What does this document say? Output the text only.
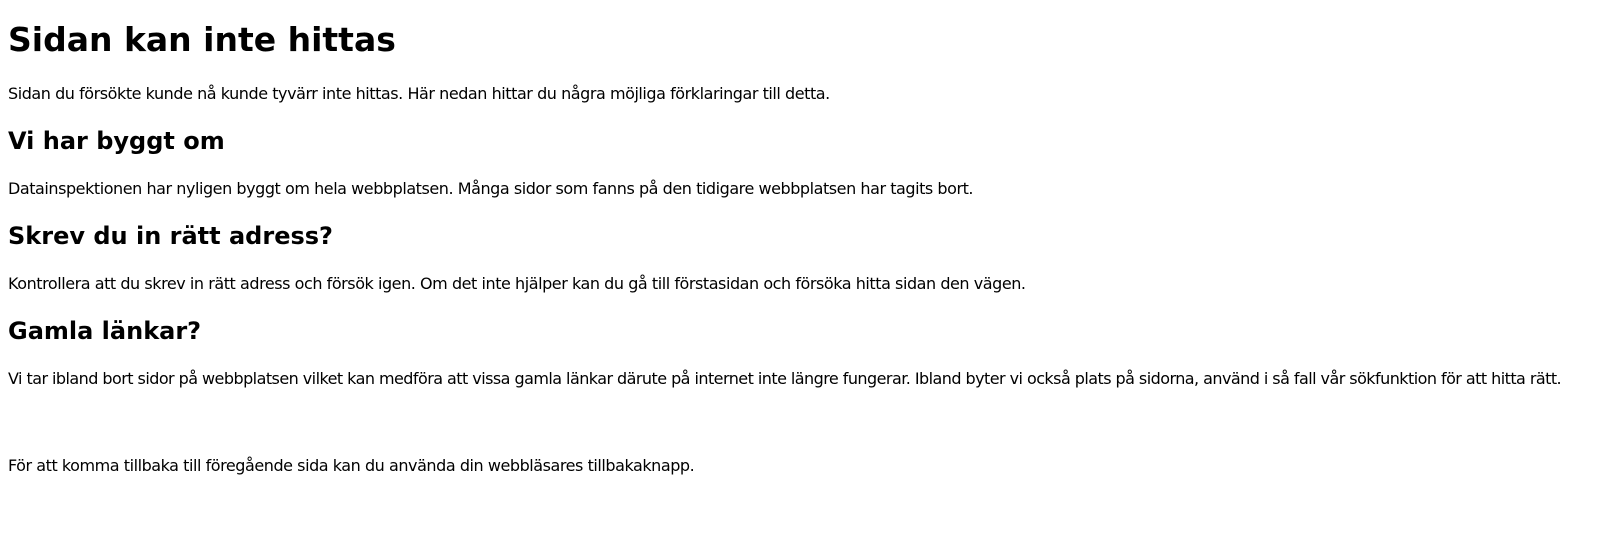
Sidan kan inte hittas

Sidan du försökte kunde nå kunde tyvärr inte hittas. Här nedan hittar du några möjliga förklaringar till detta.

Vi har byggt om

Datainspektionen har nyligen byggt om hela webbplatsen. Många sidor som fanns på den tidigare webbplatsen har tagits bort.

Skrev du in rätt adress?

Kontrollera att du skrev in rätt adress och försök igen. Om det inte hjälper kan du gå till förstasidan och försöka hitta sidan den vägen.

Gamla länkar?

Vi tar ibland bort sidor på webbplatsen vilket kan medföra att vissa gamla länkar därute på internet inte längre fungerar. Ibland byter vi också plats på sidorna, använd i så fall vår sökfunktion för att hitta rätt.

För att komma tillbaka till föregående sida kan du använda din webbläsares tillbakaknapp.
